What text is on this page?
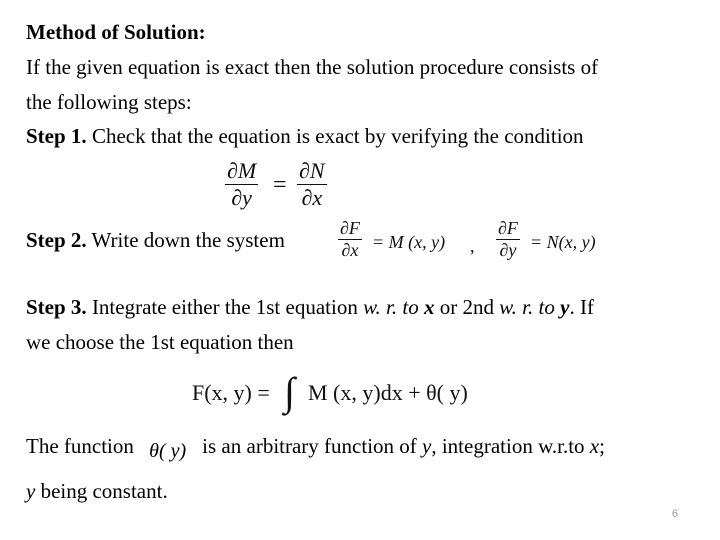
Method of Solution:
If the given equation is exact then the solution procedure consists of
the following steps:
Step 1. Check that the equation is exact by verifying the condition
∂M
∂y =
∂N
∂x
Step 2. Write down the system	∂F
∂x = M (x, y) ,
∂F
∂y = N(x, y)
Step 3. Integrate either the 1st equation w. r. to x or 2nd w. r. to y. If
we choose the 1st equation then
F(x, y) = ∫ M (x, y)dx + θ( y)
The function θ( y) is an arbitrary function of y, integration w.r.to x;
y being constant.
6
